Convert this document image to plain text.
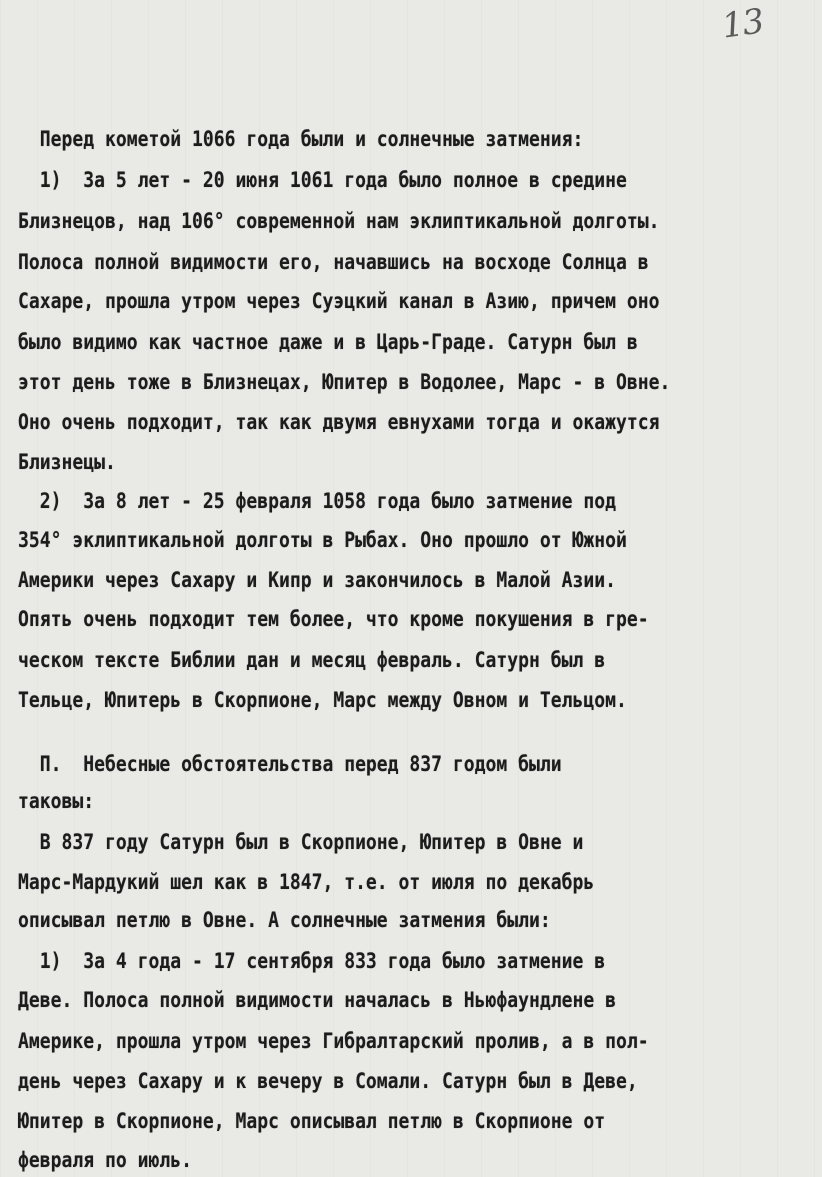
13

Перед кометой 1066 года были и солнечные затмения:

1)  За 5 лет - 20 июня 1061 года было полное в средине

Близнецов, над 106° современной нам эклиптикальной долготы.

Полоса полной видимости его, начавшись на восходе Солнца в

Сахаре, прошла утром через Суэцкий канал в Азию, причем оно

было видимо как частное даже и в Царь-Граде. Сатурн был в

этот день тоже в Близнецах, Юпитер в Водолее, Марс - в Овне.

Оно очень подходит, так как двумя евнухами тогда и окажутся

Близнецы.

2)  За 8 лет - 25 февраля 1058 года было затмение под

354° эклиптикальной долготы в Рыбах. Оно прошло от Южной

Америки через Сахару и Кипр и закончилось в Малой Азии.

Опять очень подходит тем более, что кроме покушения в гре-

ческом тексте Библии дан и месяц февраль. Сатурн был в

Тельце, Юпитерь в Скорпионе, Марс между Овном и Тельцом.

П.  Небесные обстоятельства перед 837 годом были

таковы:

В 837 году Сатурн был в Скорпионе, Юпитер в Овне и

Марс-Мардукий шел как в 1847, т.е. от июля по декабрь

описывал петлю в Овне. А солнечные затмения были:

1)  За 4 года - 17 сентября 833 года было затмение в

Деве. Полоса полной видимости началась в Ньюфаундлене в

Америке, прошла утром через Гибралтарский пролив, а в пол-

день через Сахару и к вечеру в Сомали. Сатурн был в Деве,

Юпитер в Скорпионе, Марс описывал петлю в Скорпионе от

февраля по июль.
